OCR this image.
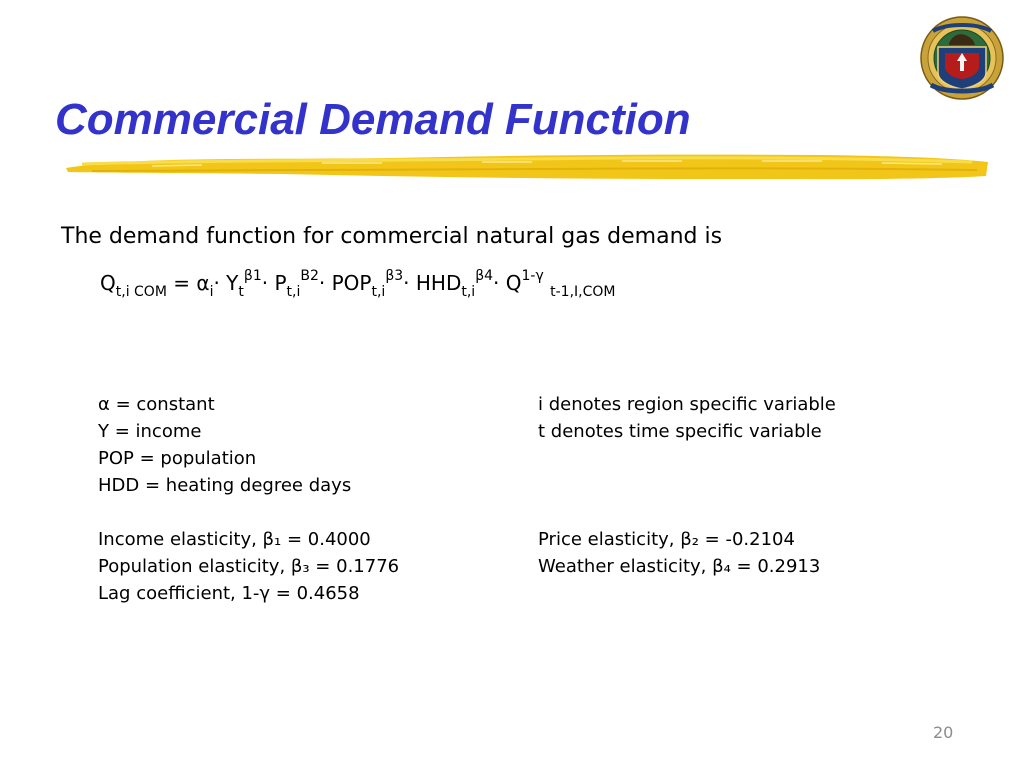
Commercial Demand Function
The demand function for commercial natural gas demand is
$Q_{t,i COM} = \alpha_i\cdot Y_t^{\beta 1}\cdot P_{t,i}^{B2}\cdot POP_{t,i}^{\beta 3}\cdot HHD_{t,i}^{\beta 4}\cdot Q^{1-\gamma}$ $_{t-1,I,COM}$
α = constant
Y = income
POP = population
HDD = heating degree days
i denotes region specific variable
t denotes time specific variable
Income elasticity, β₁ = 0.4000
Population elasticity, β₃ = 0.1776
Lag coefficient, 1-γ = 0.4658
Price elasticity, β₂ = -0.2104
Weather elasticity, β₄ = 0.2913
20
